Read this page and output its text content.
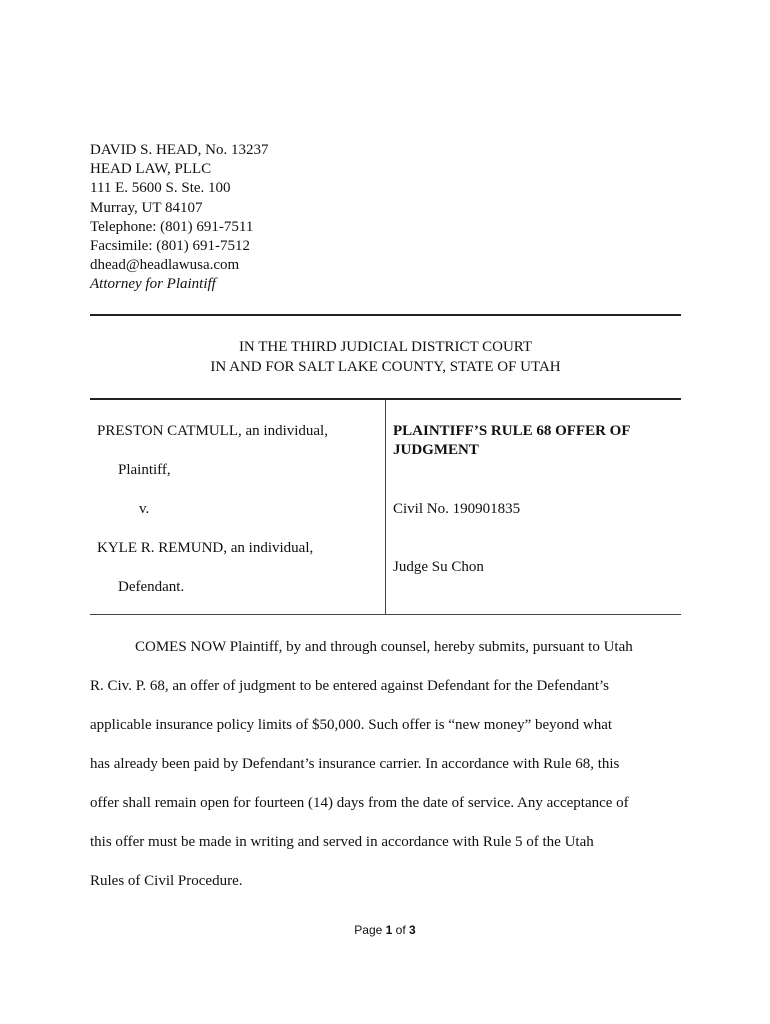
DAVID S. HEAD, No. 13237
HEAD LAW, PLLC
111 E. 5600 S. Ste. 100
Murray, UT 84107
Telephone: (801) 691-7511
Facsimile: (801) 691-7512
dhead@headlawusa.com
Attorney for Plaintiff
IN THE THIRD JUDICIAL DISTRICT COURT
IN AND FOR SALT LAKE COUNTY, STATE OF UTAH
PRESTON CATMULL, an individual,
Plaintiff,
v.
KYLE R. REMUND, an individual,
Defendant.
PLAINTIFF’S RULE 68 OFFER OF JUDGMENT
Civil No. 190901835
Judge Su Chon
COMES NOW Plaintiff, by and through counsel, hereby submits, pursuant to Utah
R. Civ. P. 68, an offer of judgment to be entered against Defendant for the Defendant’s
applicable insurance policy limits of $50,000. Such offer is “new money” beyond what
has already been paid by Defendant’s insurance carrier. In accordance with Rule 68, this
offer shall remain open for fourteen (14) days from the date of service. Any acceptance of
this offer must be made in writing and served in accordance with Rule 5 of the Utah
Rules of Civil Procedure.
Page 1 of 3
